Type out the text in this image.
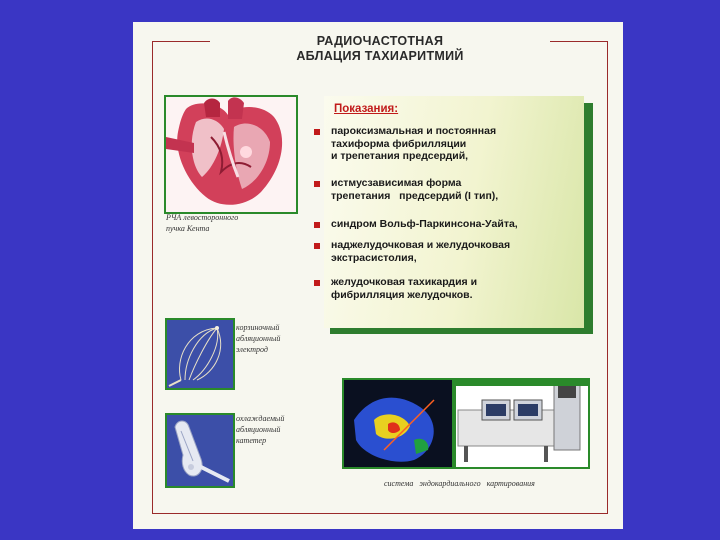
РАДИОЧАСТОТНАЯ
АБЛАЦИЯ ТАХИАРИТМИЙ
РЧА левосторонного
пучка Кента
Показания:
пароксизмальная и постоянная
тахиформа фибрилляции
и трепетания предсердий,
истмусзависимая форма
трепетания   предсердий (I тип),
синдром Вольф-Паркинсона-Уайта,
наджелудочковая и желудочковая
экстрасистолия,
желудочковая тахикардия и
фибрилляция желудочков.
корзиночный
абляционный
электрод
охлаждаемый
абляционный
катетер
система   эндокардиального   картирования
